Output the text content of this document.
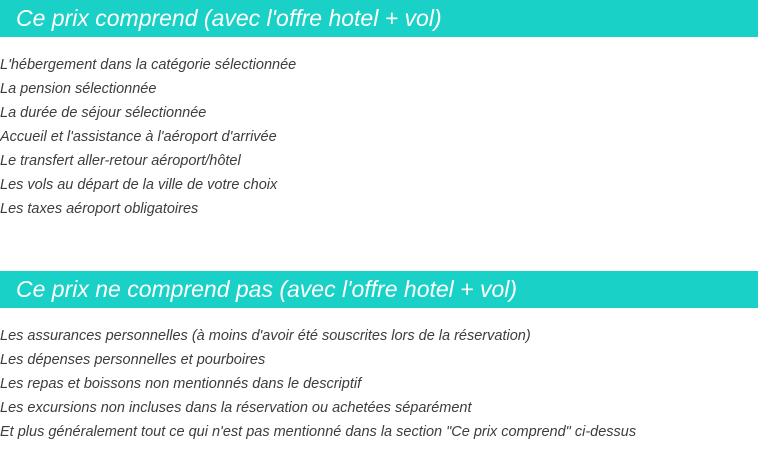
Ce prix comprend (avec l'offre hotel + vol)
L'hébergement dans la catégorie sélectionnée
La pension sélectionnée
La durée de séjour sélectionnée
Accueil et l'assistance à l'aéroport d'arrivée
Le transfert aller-retour aéroport/hôtel
Les vols au départ de la ville de votre choix
Les taxes aéroport obligatoires
Ce prix ne comprend pas (avec l'offre hotel + vol)
Les assurances personnelles (à moins d'avoir été souscrites lors de la réservation)
Les dépenses personnelles et pourboires
Les repas et boissons non mentionnés dans le descriptif
Les excursions non incluses dans la réservation ou achetées séparément
Et plus généralement tout ce qui n'est pas mentionné dans la section "Ce prix comprend" ci-dessus
